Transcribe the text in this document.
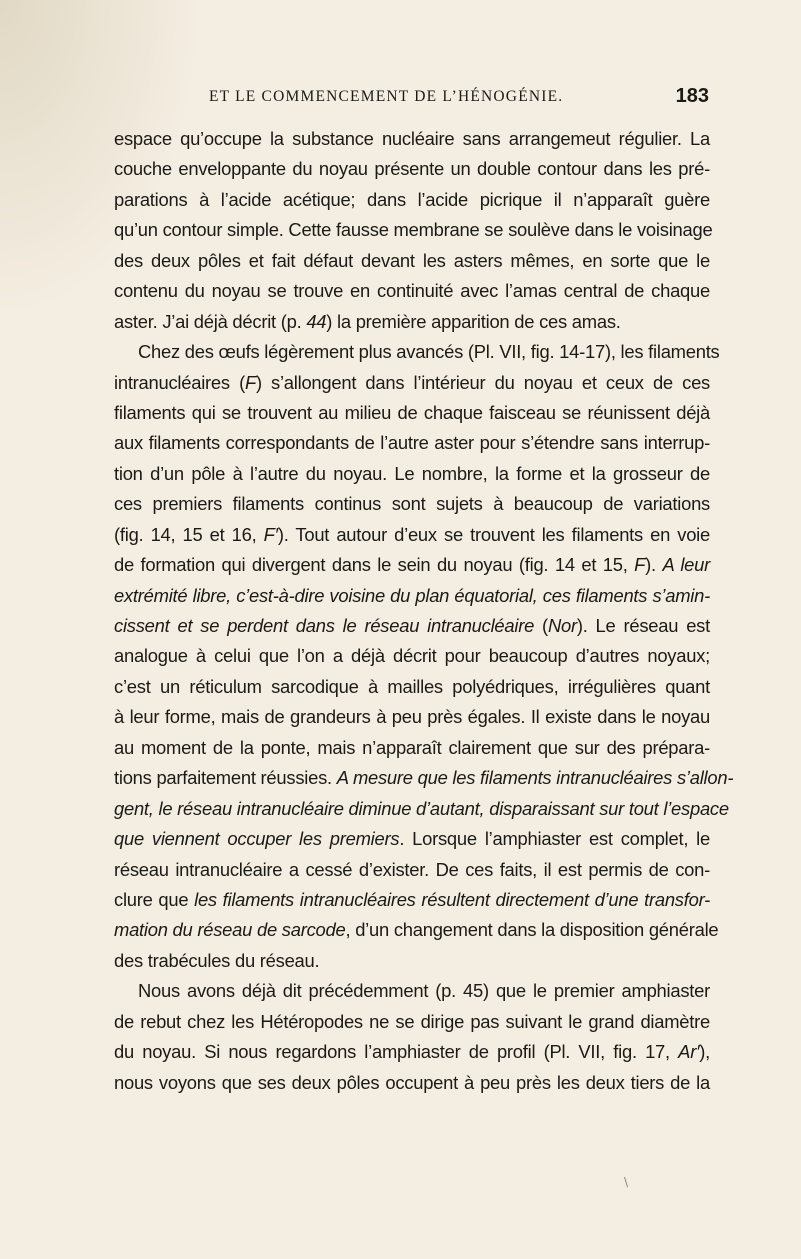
ET LE COMMENCEMENT DE L’HÉNOGÉNIE.	183
espace qu’occupe la substance nucléaire sans arrangemeut régulier. La
couche enveloppante du noyau présente un double contour dans les pré-
parations à l’acide acétique; dans l’acide picrique il n’apparaît guère
qu’un contour simple. Cette fausse membrane se soulève dans le voisinage
des deux pôles et fait défaut devant les asters mêmes, en sorte que le
contenu du noyau se trouve en continuité avec l’amas central de chaque
aster. J’ai déjà décrit (p. 44) la première apparition de ces amas.
Chez des œufs légèrement plus avancés (Pl. VII, fig. 14-17), les filaments
intranucléaires (F) s’allongent dans l’intérieur du noyau et ceux de ces
filaments qui se trouvent au milieu de chaque faisceau se réunissent déjà
aux filaments correspondants de l’autre aster pour s’étendre sans interrup-
tion d’un pôle à l’autre du noyau. Le nombre, la forme et la grosseur de
ces premiers filaments continus sont sujets à beaucoup de variations
(fig. 14, 15 et 16, F′). Tout autour d’eux se trouvent les filaments en voie
de formation qui divergent dans le sein du noyau (fig. 14 et 15, F). A leur
extrémité libre, c’est-à-dire voisine du plan équatorial, ces filaments s’amin-
cissent et se perdent dans le réseau intranucléaire (Nor). Le réseau est
analogue à celui que l’on a déjà décrit pour beaucoup d’autres noyaux;
c’est un réticulum sarcodique à mailles polyédriques, irrégulières quant
à leur forme, mais de grandeurs à peu près égales. Il existe dans le noyau
au moment de la ponte, mais n’apparaît clairement que sur des prépara-
tions parfaitement réussies. A mesure que les filaments intranucléaires s’allon-
gent, le réseau intranucléaire diminue d’autant, disparaissant sur tout l’espace
que viennent occuper les premiers. Lorsque l’amphiaster est complet, le
réseau intranucléaire a cessé d’exister. De ces faits, il est permis de con-
clure que les filaments intranucléaires résultent directement d’une transfor-
mation du réseau de sarcode, d’un changement dans la disposition générale
des trabécules du réseau.
Nous avons déjà dit précédemment (p. 45) que le premier amphiaster
de rebut chez les Hétéropodes ne se dirige pas suivant le grand diamètre
du noyau. Si nous regardons l’amphiaster de profil (Pl. VII, fig. 17, Ar′),
nous voyons que ses deux pôles occupent à peu près les deux tiers de la
\
